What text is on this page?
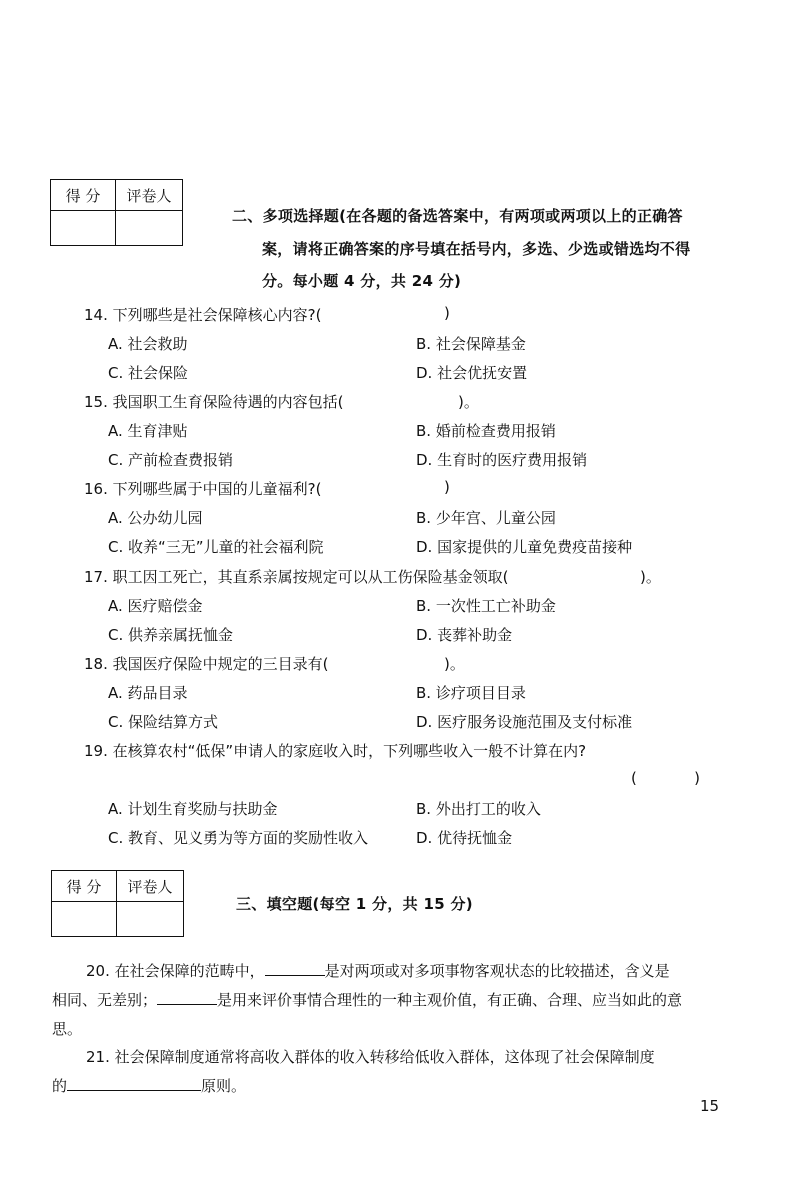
得 分	评卷人

二、多项选择题(在各题的备选答案中，有两项或两项以上的正确答
案，请将正确答案的序号填在括号内，多选、少选或错选均不得
分。每小题 4 分，共 24 分)
14. 下列哪些是社会保障核心内容?(	)
A. 社会救助	B. 社会保障基金
C. 社会保险	D. 社会优抚安置
15. 我国职工生育保险待遇的内容包括(	)。
A. 生育津贴	B. 婚前检查费用报销
C. 产前检查费报销	D. 生育时的医疗费用报销
16. 下列哪些属于中国的儿童福利?(	)
A. 公办幼儿园	B. 少年宫、儿童公园
C. 收养“三无”儿童的社会福利院	D. 国家提供的儿童免费疫苗接种
17. 职工因工死亡，其直系亲属按规定可以从工伤保险基金领取(	)。
A. 医疗赔偿金	B. 一次性工亡补助金
C. 供养亲属抚恤金	D. 丧葬补助金
18. 我国医疗保险中规定的三目录有(	)。
A. 药品目录	B. 诊疗项目目录
C. 保险结算方式	D. 医疗服务设施范围及支付标准
19. 在核算农村“低保”申请人的家庭收入时，下列哪些收入一般不计算在内?
(            )
A. 计划生育奖励与扶助金	B. 外出打工的收入
C. 教育、见义勇为等方面的奖励性收入	D. 优待抚恤金
得 分	评卷人

三、填空题(每空 1 分，共 15 分)
20. 在社会保障的范畴中，	是对两项或对多项事物客观状态的比较描述，含义是
相同、无差别；	是用来评价事情合理性的一种主观价值，有正确、合理、应当如此的意
思。
21. 社会保障制度通常将高收入群体的收入转移给低收入群体，这体现了社会保障制度
的	原则。
15
